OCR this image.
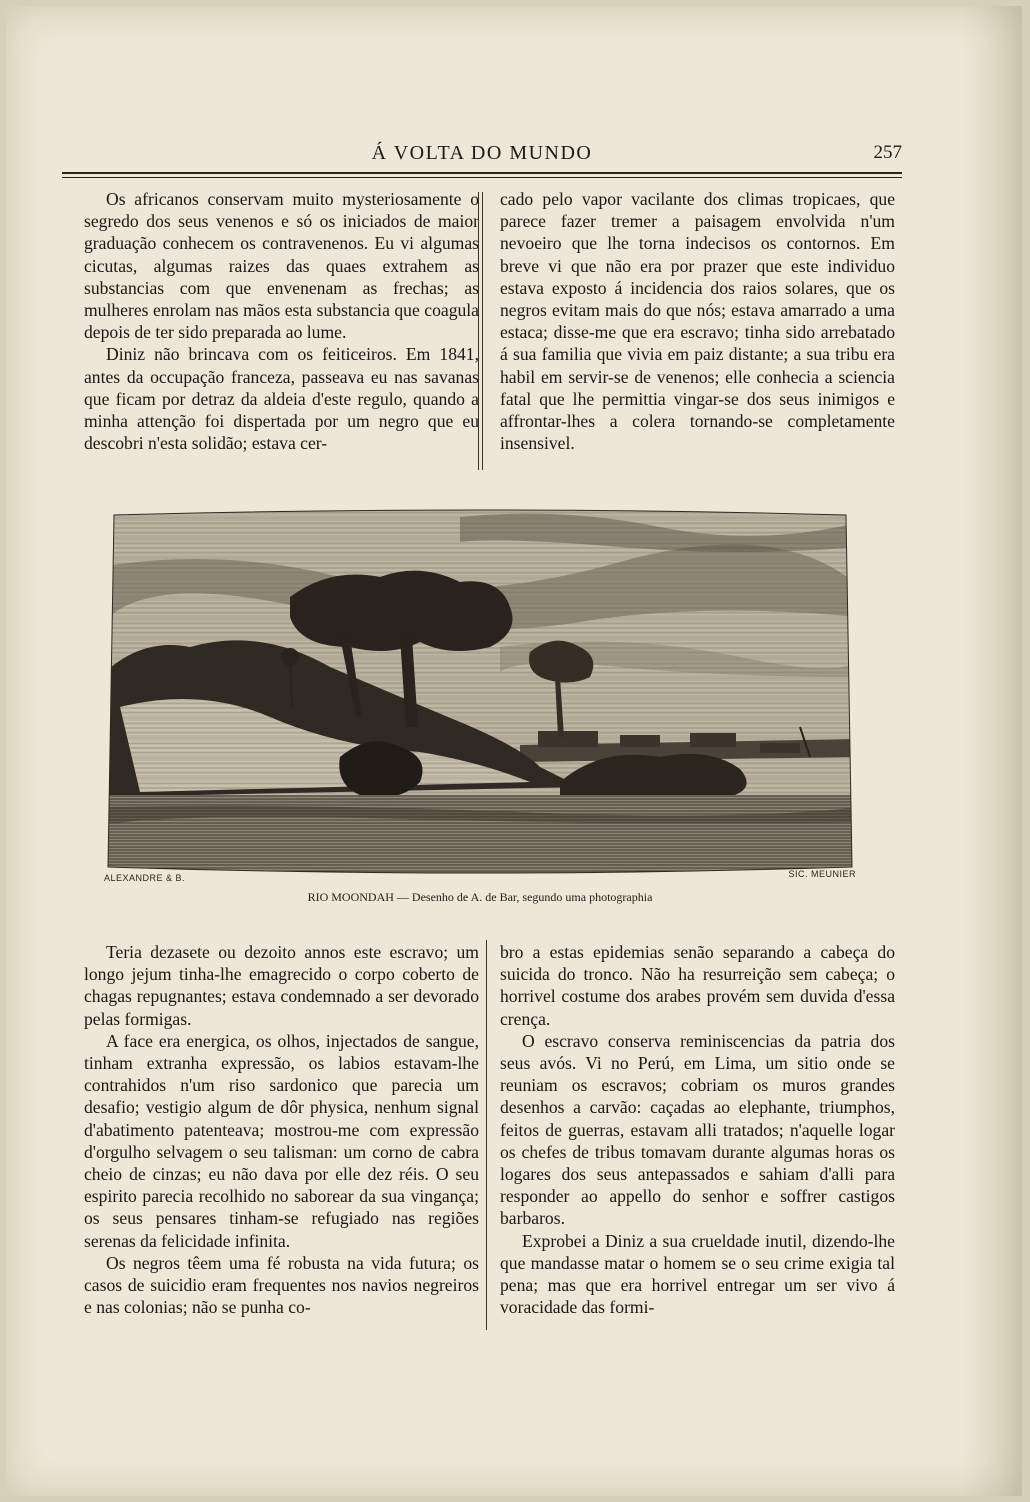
Á VOLTA DO MUNDO	257

Os africanos conservam muito mysteriosamente o segredo dos seus venenos e só os iniciados de maior graduação conhecem os contravenenos. Eu vi algumas cicutas, algumas raizes das quaes extrahem as substancias com que envenenam as frechas; as mulheres enrolam nas mãos esta substancia que coagula depois de ter sido preparada ao lume.

Diniz não brincava com os feiticeiros. Em 1841, antes da occupação franceza, passeava eu nas savanas que ficam por detraz da aldeia d'este regulo, quando a minha attenção foi dispertada por um negro que eu descobri n'esta solidão; estava cer-

cado pelo vapor vacilante dos climas tropicaes, que parece fazer tremer a paisagem envolvida n'um nevoeiro que lhe torna indecisos os contornos. Em breve vi que não era por prazer que este individuo estava exposto á incidencia dos raios solares, que os negros evitam mais do que nós; estava amarrado a uma estaca; disse-me que era escravo; tinha sido arrebatado á sua familia que vivia em paiz distante; a sua tribu era habil em servir-se de venenos; elle conhecia a sciencia fatal que lhe permittia vingar-se dos seus inimigos e affrontar-lhes a colera tornando-se completamente insensivel.

ALEXANDRE & B.	SIC. MEUNIER
RIO MOONDAH — Desenho de A. de Bar, segundo uma photographia

Teria dezasete ou dezoito annos este escravo; um longo jejum tinha-lhe emagrecido o corpo coberto de chagas repugnantes; estava condemnado a ser devorado pelas formigas.

A face era energica, os olhos, injectados de sangue, tinham extranha expressão, os labios estavam-lhe contrahidos n'um riso sardonico que parecia um desafio; vestigio algum de dôr physica, nenhum signal d'abatimento patenteava; mostrou-me com expressão d'orgulho selvagem o seu talisman: um corno de cabra cheio de cinzas; eu não dava por elle dez réis. O seu espirito parecia recolhido no saborear da sua vingança; os seus pensares tinham-se refugiado nas regiões serenas da felicidade infinita.

Os negros têem uma fé robusta na vida futura; os casos de suicidio eram frequentes nos navios negreiros e nas colonias; não se punha co-

bro a estas epidemias senão separando a cabeça do suicida do tronco. Não ha resurreição sem cabeça; o horrivel costume dos arabes provém sem duvida d'essa crença.

O escravo conserva reminiscencias da patria dos seus avós. Vi no Perú, em Lima, um sitio onde se reuniam os escravos; cobriam os muros grandes desenhos a carvão: caçadas ao elephante, triumphos, feitos de guerras, estavam alli tratados; n'aquelle logar os chefes de tribus tomavam durante algumas horas os logares dos seus antepassados e sahiam d'alli para responder ao appello do senhor e soffrer castigos barbaros.

Exprobei a Diniz a sua crueldade inutil, dizendo-lhe que mandasse matar o homem se o seu crime exigia tal pena; mas que era horrivel entregar um ser vivo á voracidade das formi-
